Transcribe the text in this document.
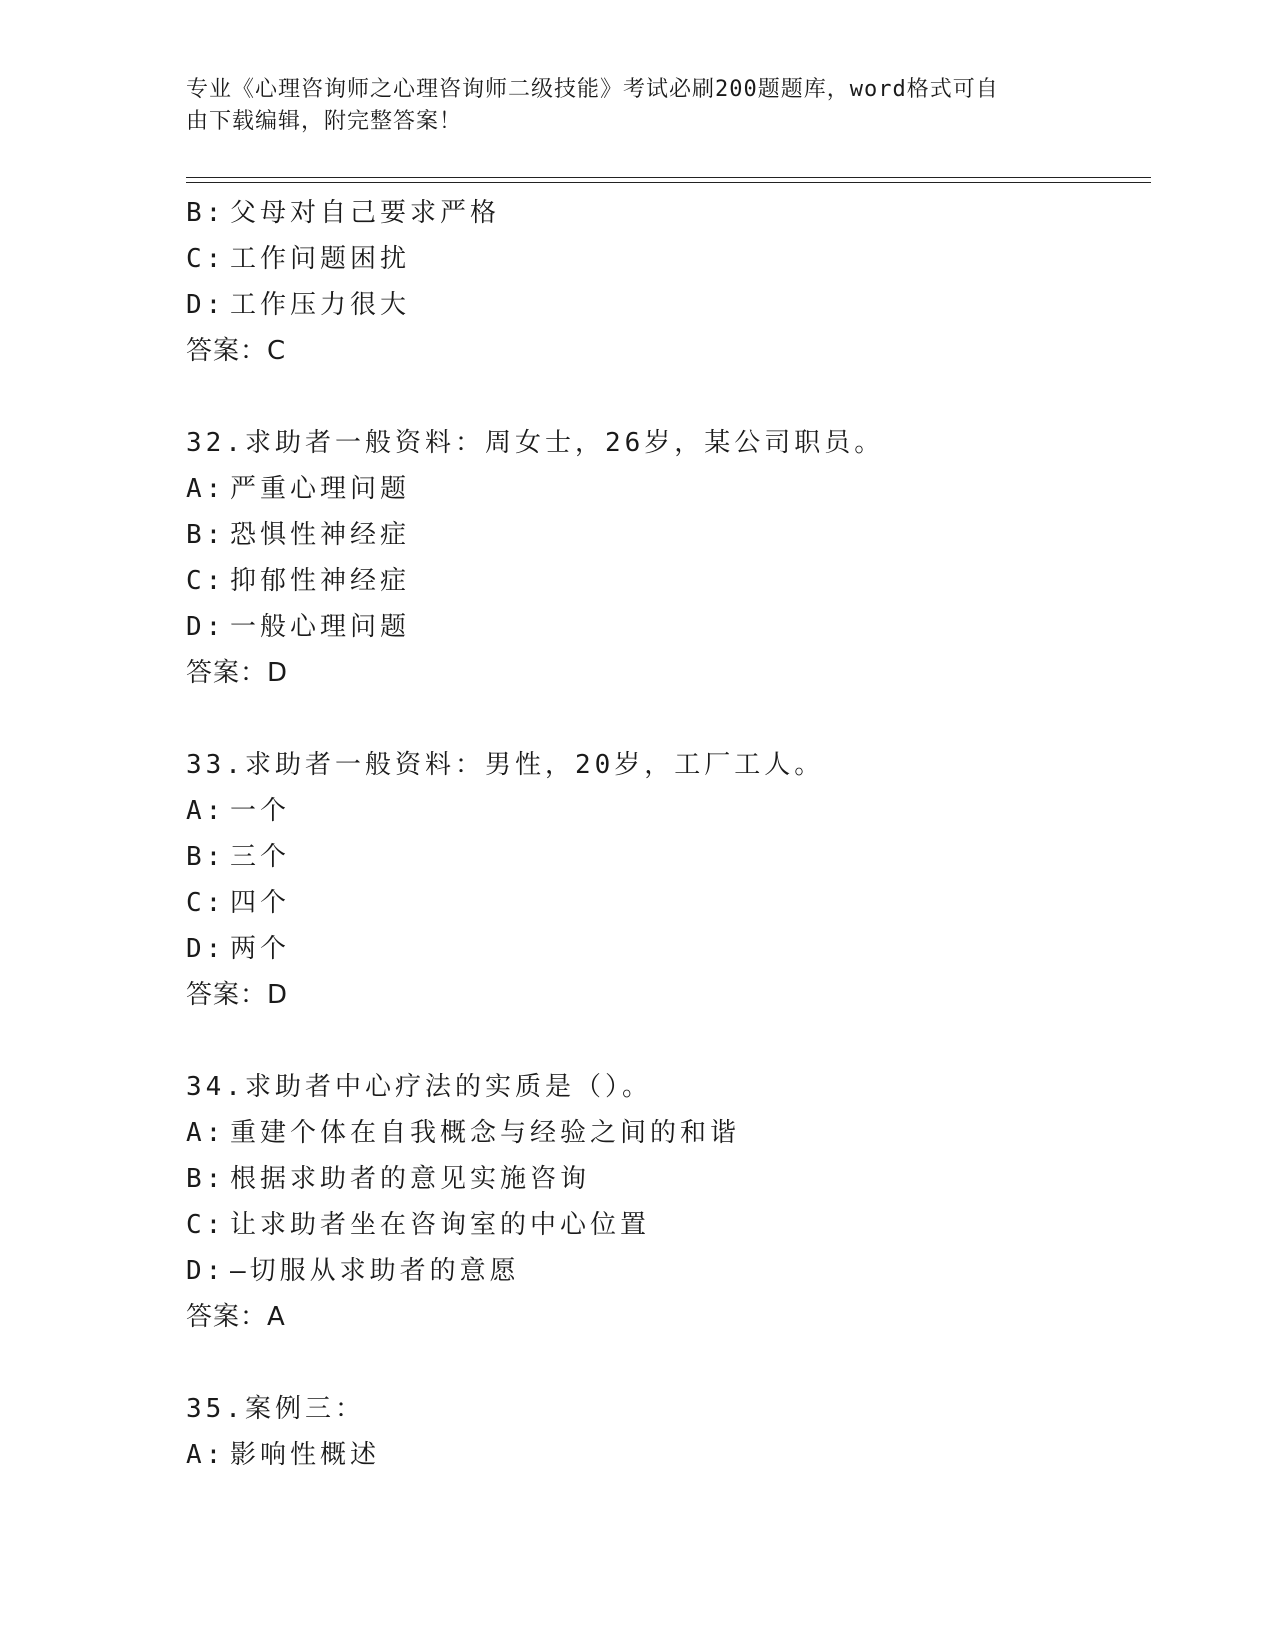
专业《心理咨询师之心理咨询师二级技能》考试必刷200题题库，word格式可自
由下载编辑，附完整答案！
B: 父母对自己要求严格
C: 工作问题困扰
D: 工作压力很大
答案：C
32.求助者一般资料：周女士，26岁，某公司职员。
A: 严重心理问题
B: 恐惧性神经症
C: 抑郁性神经症
D: 一般心理问题
答案：D
33.求助者一般资料：男性，20岁，工厂工人。
A: 一个
B: 三个
C: 四个
D: 两个
答案：D
34.求助者中心疗法的实质是（）。
A: 重建个体在自我概念与经验之间的和谐
B: 根据求助者的意见实施咨询
C: 让求助者坐在咨询室的中心位置
D: —切服从求助者的意愿
答案：A
35.案例三：
A: 影响性概述
